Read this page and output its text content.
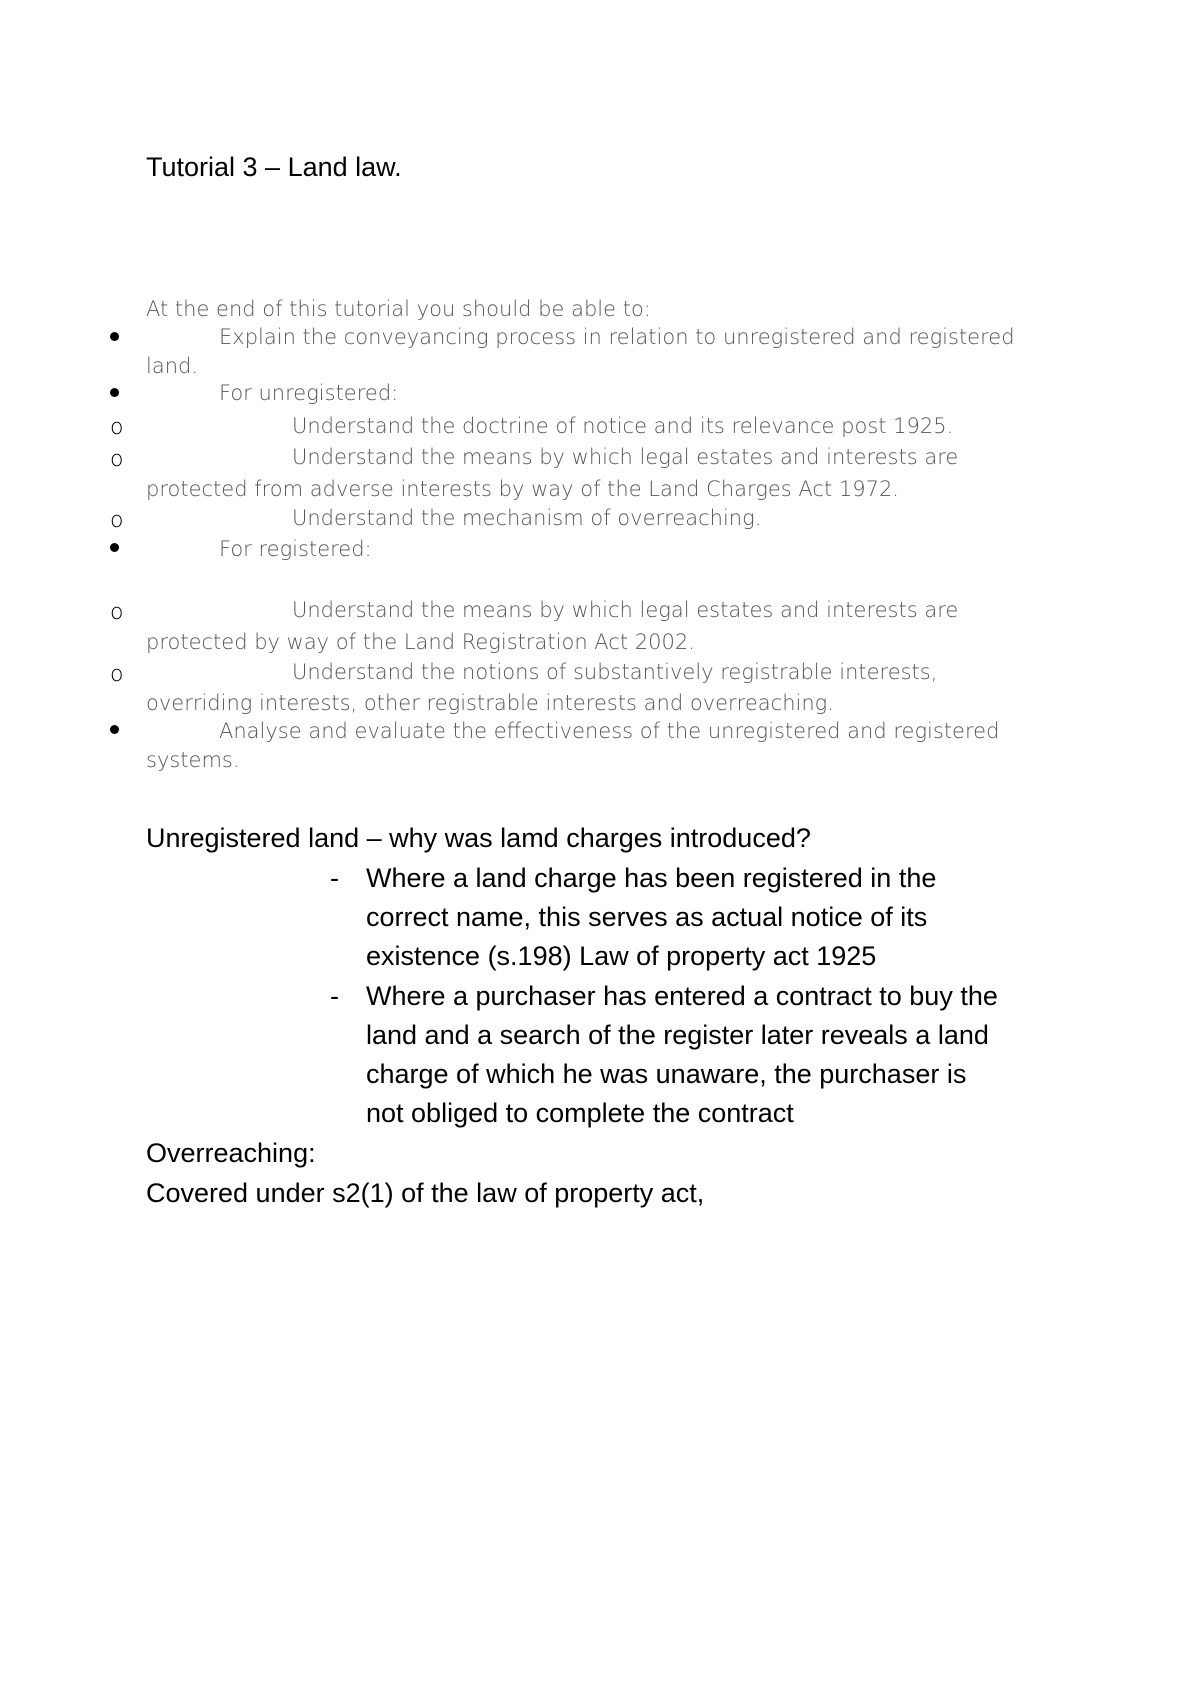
Tutorial 3 – Land law.
At the end of this tutorial you should be able to:
Explain the conveyancing process in relation to unregistered and registered
land.
For unregistered:
o	Understand the doctrine of notice and its relevance post 1925.
o	Understand the means by which legal estates and interests are
protected from adverse interests by way of the Land Charges Act 1972.
o	Understand the mechanism of overreaching.
For registered:
o	Understand the means by which legal estates and interests are
protected by way of the Land Registration Act 2002.
o	Understand the notions of substantively registrable interests,
overriding interests, other registrable interests and overreaching.
Analyse and evaluate the effectiveness of the unregistered and registered
systems.
Unregistered land – why was lamd charges introduced?
- Where a land charge has been registered in the
correct name, this serves as actual notice of its
existence (s.198) Law of property act 1925
- Where a purchaser has entered a contract to buy the
land and a search of the register later reveals a land
charge of which he was unaware, the purchaser is
not obliged to complete the contract
Overreaching:
Covered under s2(1) of the law of property act,
